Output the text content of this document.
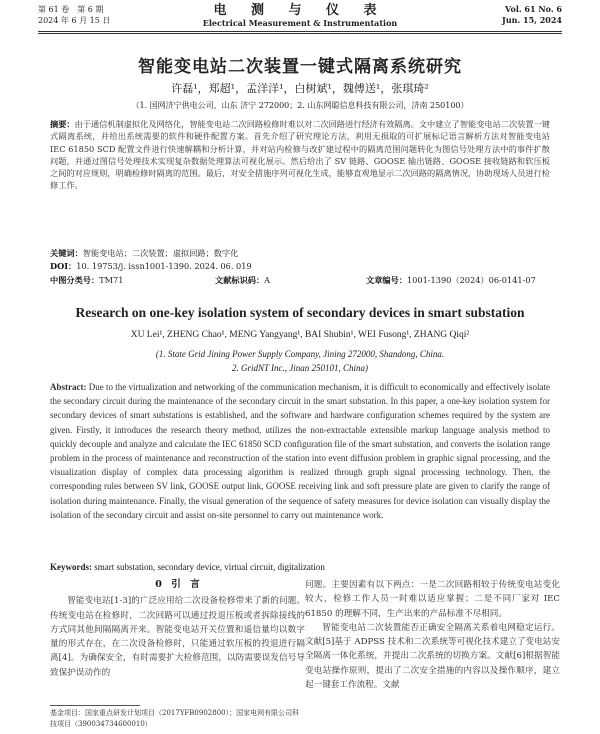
第 61 卷　第 6 期
2024 年 6 月 15 日
电 测 与 仪 表
Electrical Measurement & Instrumentation
Vol. 61 No. 6
Jun. 15, 2024
智能变电站二次装置一键式隔离系统研究
许磊¹，郑超¹，孟洋洋¹，白树斌¹，魏傅送¹，张琪琦²
（1. 国网济宁供电公司，山东 济宁 272000；2. 山东网聪信息科技有限公司，济南 250100）
摘要：由于通信机制虚拟化及网络化，智能变电站二次回路检修时难以对二次回路进行经济有效隔离。文中建立了智能变电站二次装置一键式隔离系统，并给出系统需要的软件和硬件配置方案。首先介绍了研究理论方法，利用无损取的可扩展标记语言解析方法对智能变电站 IEC 61850 SCD 配置文件进行快速解耦和分析计算，并对站内检修与改扩建过程中的隔离范围问题转化为图信号处理方法中的事件扩散问题，并通过图信号处理技术实现复杂数据处理算法可视化展示。然后给出了 SV 链路、GOOSE 输出链路、GOOSE 接收链路和软压板之间的对应规则，明确检修时隔离的范围。最后，对安全措施序列可视化生成，能够直观地显示二次回路的隔离情况，协助现场人员进行检修工作。
关键词：智能变电站；二次装置；虚拟回路；数字化
DOI：10. 19753/j. issn1001-1390. 2024. 06. 019
中图分类号： TM71	文献标识码： A	文章编号： 1001-1390（2024）06-0141-07
Research on one-key isolation system of secondary devices in smart substation
XU Lei¹, ZHENG Chao¹, MENG Yangyang¹, BAI Shubin¹, WEI Fusong¹, ZHANG Qiqi²
(1. State Grid Jining Power Supply Company, Jining 272000, Shandong, China.
2. GridNT Inc., Jinan 250101, China)
Abstract: Due to the virtualization and networking of the communication mechanism, it is difficult to economically and effectively isolate the secondary circuit during the maintenance of the secondary circuit in the smart substation. In this paper, a one-key isolation system for secondary devices of smart substations is established, and the software and hardware configuration schemes required by the system are given. Firstly, it introduces the research theory method, utilizes the non-extractable extensible markup language analysis method to quickly decouple and analyze and calculate the IEC 61850 SCD configuration file of the smart substation, and converts the isolation range problem in the process of maintenance and reconstruction of the station into event diffusion problem in graphic signal processing, and the visualization display of complex data processing algorithm is realized through graph signal processing technology. Then, the corresponding rules between SV link, GOOSE output link, GOOSE receiving link and soft pressure plate are given to clarify the range of isolation during maintenance. Finally, the visual generation of the sequence of safety measures for device isolation can visually display the isolation of the secondary circuit and assist on-site personnel to carry out maintenance work.
Keywords: smart substation, secondary device, virtual circuit, digitalization
0　引　言

智能变电站[1-3]的广泛应用给二次设备检修带来了新的问题。传统变电站在检修时，二次回路可以通过投退压板或者拆除接线的方式同其他间隔隔离开来。智能变电站开关位置和遥信量均以数字量的形式存在，在二次设备检修时，只能通过软压板的投退进行隔离[4]。为确保安全，有时需要扩大检修范围，以防需要误发信号导致保护误动作的

问题。主要因素有以下两点：一是二次回路相较于传统变电站变化较大，检修工作人员一时难以适应掌握；二是不同厂家对 IEC 61850 的理解不同，生产出来的产品标准不尽相同。

智能变电站二次装置能否正确安全隔离关系着电网稳定运行。文献[5]基于 ADPSS 技术和二次系统等可视化技术建立了变电站安全隔离一体化系统，并提出二次系统的切换方案。文献[6]根据智能变电站操作原则，提出了二次安全措施的内容以及操作顺序，建立起一键套工作流程。文献

基金项目：国家重点研发计划项目（2017YFB0902800）；国家电网有限公司科技项目（390034734600010）
